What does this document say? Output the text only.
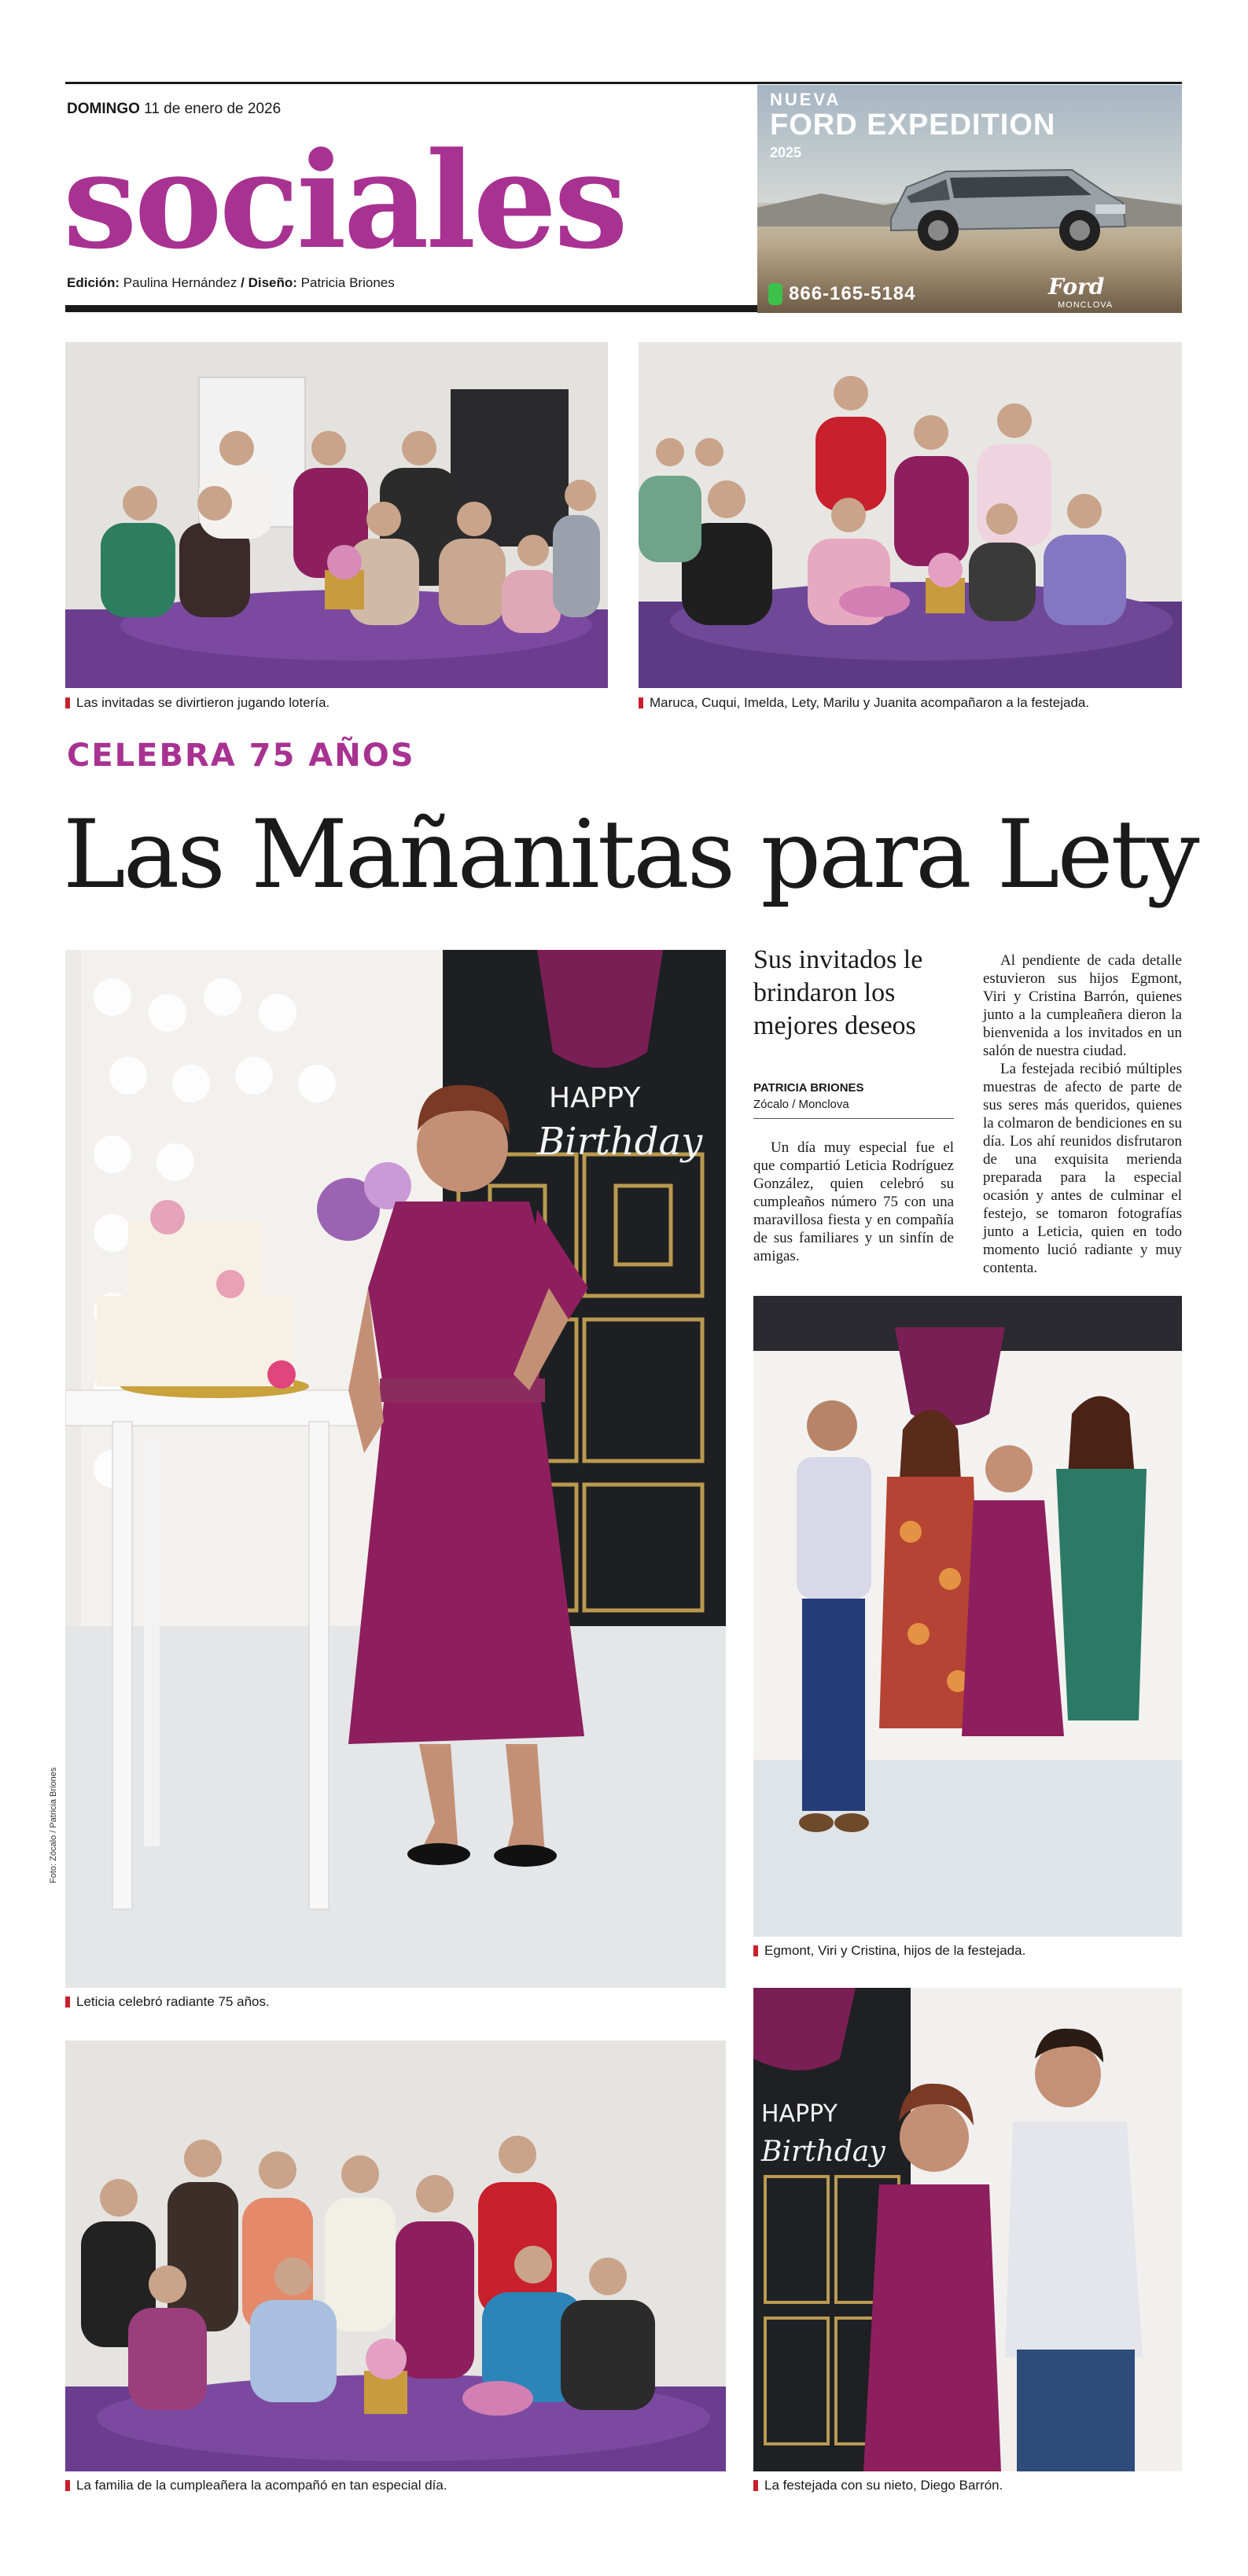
DOMINGO 11 de enero de 2026
sociales
Edición: Paulina Hernández / Diseño: Patricia Briones
NUEVA
FORD EXPEDITION
2025
866-165-5184	Ford
MONCLOVA
Las invitadas se divirtieron jugando lotería.	Maruca, Cuqui, Imelda, Lety, Marilu y Juanita acompañaron a la festejada.
CELEBRA 75 AÑOS
Las Mañanitas para Lety
HAPPY
Birthday
Foto: Zócalo / Patricia Briones
Leticia celebró radiante 75 años.
Sus invitados le brindaron los mejores deseos
PATRICIA BRIONES
Zócalo / Monclova

Un día muy especial fue el que compartió Leticia Rodríguez González, quien celebró su cumpleaños número 75 con una maravillosa fiesta y en compañía de sus familiares y un sinfín de amigas.

Al pendiente de cada detalle estuvieron sus hijos Egmont, Viri y Cristina Barrón, quienes junto a la cumpleañera dieron la bienvenida a los invitados en un salón de nuestra ciudad.

La festejada recibió múltiples muestras de afecto de parte de sus seres más queridos, quienes la colmaron de bendiciones en su día. Los ahí reunidos disfrutaron de una exquisita merienda preparada para la especial ocasión y antes de culminar el festejo, se tomaron fotografías junto a Leticia, quien en todo momento lució radiante y muy contenta.

Egmont, Viri y Cristina, hijos de la festejada.
La familia de la cumpleañera la acompañó en tan especial día.
HAPPY
Birthday
La festejada con su nieto, Diego Barrón.
